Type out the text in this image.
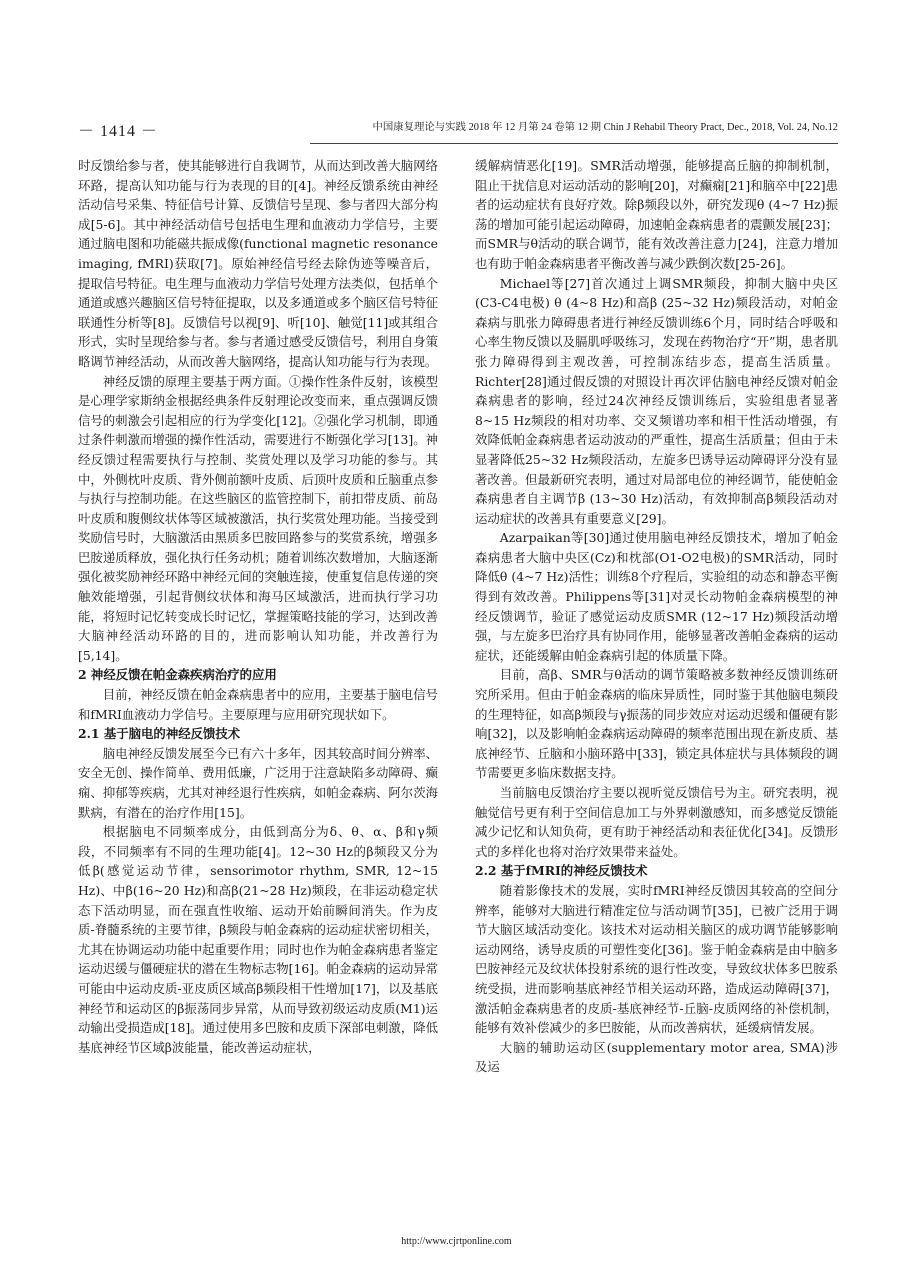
－ 1414 －	中国康复理论与实践 2018 年 12 月第 24 卷第 12 期 Chin J Rehabil Theory Pract, Dec., 2018, Vol. 24, No.12

时反馈给参与者，使其能够进行自我调节，从而达到改善大脑网络环路，提高认知功能与行为表现的目的[4]。神经反馈系统由神经活动信号采集、特征信号计算、反馈信号呈现、参与者四大部分构成[5-6]。其中神经活动信号包括电生理和血液动力学信号，主要通过脑电图和功能磁共振成像(functional magnetic resonance imaging, fMRI)获取[7]。原始神经信号经去除伪迹等噪音后，提取信号特征。电生理与血液动力学信号处理方法类似，包括单个通道或感兴趣脑区信号特征提取，以及多通道或多个脑区信号特征联通性分析等[8]。反馈信号以视[9]、听[10]、触觉[11]或其组合形式，实时呈现给参与者。参与者通过感受反馈信号，利用自身策略调节神经活动，从而改善大脑网络，提高认知功能与行为表现。

神经反馈的原理主要基于两方面。①操作性条件反射，该模型是心理学家斯纳金根据经典条件反射理论改变而来，重点强调反馈信号的刺激会引起相应的行为学变化[12]。②强化学习机制，即通过条件刺激而增强的操作性活动，需要进行不断强化学习[13]。神经反馈过程需要执行与控制、奖赏处理以及学习功能的参与。其中，外侧枕叶皮质、背外侧前额叶皮质、后顶叶皮质和丘脑重点参与执行与控制功能。在这些脑区的监管控制下，前扣带皮质、前岛叶皮质和腹侧纹状体等区域被激活，执行奖赏处理功能。当接受到奖励信号时，大脑激活由黑质多巴胺回路参与的奖赏系统，增强多巴胺递质释放，强化执行任务动机；随着训练次数增加，大脑逐渐强化被奖励神经环路中神经元间的突触连接，使重复信息传递的突触效能增强，引起背侧纹状体和海马区域激活，进而执行学习功能，将短时记忆转变成长时记忆，掌握策略技能的学习，达到改善大脑神经活动环路的目的，进而影响认知功能，并改善行为[5,14]。

2 神经反馈在帕金森疾病治疗的应用

目前，神经反馈在帕金森病患者中的应用，主要基于脑电信号和fMRI血液动力学信号。主要原理与应用研究现状如下。

2.1 基于脑电的神经反馈技术

脑电神经反馈发展至今已有六十多年，因其较高时间分辨率、安全无创、操作简单、费用低廉，广泛用于注意缺陷多动障碍、癫痫、抑郁等疾病，尤其对神经退行性疾病，如帕金森病、阿尔茨海默病，有潜在的治疗作用[15]。

根据脑电不同频率成分，由低到高分为δ、θ、α、β和γ频段，不同频率有不同的生理功能[4]。12~30 Hz的β频段又分为低β(感觉运动节律，sensorimotor rhythm, SMR, 12~15 Hz)、中β(16~20 Hz)和高β(21~28 Hz)频段，在非运动稳定状态下活动明显，而在强直性收缩、运动开始前瞬间消失。作为皮质-脊髓系统的主要节律，β频段与帕金森病的运动症状密切相关，尤其在协调运动功能中起重要作用；同时也作为帕金森病患者鉴定运动迟缓与僵硬症状的潜在生物标志物[16]。帕金森病的运动异常可能由中运动皮质-亚皮质区域高β频段相干性增加[17]，以及基底神经节和运动区的β振荡同步异常，从而导致初级运动皮质(M1)运动输出受损造成[18]。通过使用多巴胺和皮质下深部电刺激，降低基底神经节区域β波能量，能改善运动症状，

缓解病情恶化[19]。SMR活动增强，能够提高丘脑的抑制机制，阻止干扰信息对运动活动的影响[20]，对癫痫[21]和脑卒中[22]患者的运动症状有良好疗效。除β频段以外，研究发现θ (4~7 Hz)振荡的增加可能引起运动障碍，加速帕金森病患者的震颤发展[23]；而SMR与θ活动的联合调节，能有效改善注意力[24]，注意力增加也有助于帕金森病患者平衡改善与减少跌倒次数[25-26]。

Michael等[27]首次通过上调SMR频段，抑制大脑中央区(C3-C4电极) θ (4~8 Hz)和高β (25~32 Hz)频段活动，对帕金森病与肌张力障碍患者进行神经反馈训练6个月，同时结合呼吸和心率生物反馈以及膈肌呼吸练习，发现在药物治疗“开”期，患者肌张力障碍得到主观改善，可控制冻结步态，提高生活质量。Richter[28]通过假反馈的对照设计再次评估脑电神经反馈对帕金森病患者的影响，经过24次神经反馈训练后，实验组患者显著8~15 Hz频段的相对功率、交叉频谱功率和相干性活动增强，有效降低帕金森病患者运动波动的严重性，提高生活质量；但由于未显著降低25~32 Hz频段活动，左旋多巴诱导运动障碍评分没有显著改善。但最新研究表明，通过对局部电位的神经调节，能使帕金森病患者自主调节β (13~30 Hz)活动，有效抑制高β频段活动对运动症状的改善具有重要意义[29]。

Azarpaikan等[30]通过使用脑电神经反馈技术，增加了帕金森病患者大脑中央区(Cz)和枕部(O1-O2电极)的SMR活动，同时降低θ (4~7 Hz)活性；训练8个疗程后，实验组的动态和静态平衡得到有效改善。Philippens等[31]对灵长动物帕金森病模型的神经反馈调节，验证了感觉运动皮质SMR (12~17 Hz)频段活动增强，与左旋多巴治疗具有协同作用，能够显著改善帕金森病的运动症状，还能缓解由帕金森病引起的体质量下降。

目前，高β、SMR与θ活动的调节策略被多数神经反馈训练研究所采用。但由于帕金森病的临床异质性，同时鉴于其他脑电频段的生理特征，如高β频段与γ振荡的同步效应对运动迟缓和僵硬有影响[32]，以及影响帕金森病运动障碍的频率范围出现在新皮质、基底神经节、丘脑和小脑环路中[33]，锁定具体症状与具体频段的调节需要更多临床数据支持。

当前脑电反馈治疗主要以视听觉反馈信号为主。研究表明，视触觉信号更有利于空间信息加工与外界刺激感知，而多感觉反馈能减少记忆和认知负荷，更有助于神经活动和表征优化[34]。反馈形式的多样化也将对治疗效果带来益处。

2.2 基于fMRI的神经反馈技术

随着影像技术的发展，实时fMRI神经反馈因其较高的空间分辨率，能够对大脑进行精准定位与活动调节[35]，已被广泛用于调节大脑区域活动变化。该技术对运动相关脑区的成功调节能够影响运动网络，诱导皮质的可塑性变化[36]。鉴于帕金森病是由中脑多巴胺神经元及纹状体投射系统的退行性改变，导致纹状体多巴胺系统受损，进而影响基底神经节相关运动环路，造成运动障碍[37]，激活帕金森病患者的皮质-基底神经节-丘脑-皮质网络的补偿机制，能够有效补偿减少的多巴胺能，从而改善病状，延缓病情发展。

大脑的辅助运动区(supplementary motor area, SMA)涉及运

http://www.cjrtponline.com
